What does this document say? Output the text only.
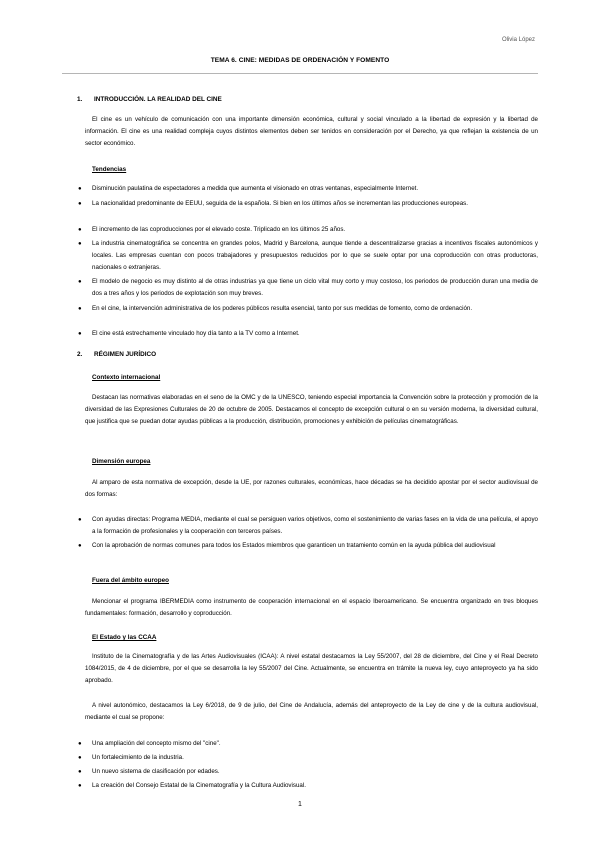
Olivia López
TEMA 6. CINE: MEDIDAS DE ORDENACIÓN Y FOMENTO
1. INTRODUCCIÓN. LA REALIDAD DEL CINE
El cine es un vehículo de comunicación con una importante dimensión económica, cultural y social vinculado a la libertad de expresión y la libertad de información. El cine es una realidad compleja cuyos distintos elementos deben ser tenidos en consideración por el Derecho, ya que reflejan la existencia de un sector económico.
Tendencias
● Disminución paulatina de espectadores a medida que aumenta el visionado en otras ventanas, especialmente Internet.
● La nacionalidad predominante de EEUU, seguida de la española. Si bien en los últimos años se incrementan las producciones europeas.
● El incremento de las coproducciones por el elevado coste. Triplicado en los últimos 25 años.
● La industria cinematográfica se concentra en grandes polos, Madrid y Barcelona, aunque tiende a descentralizarse gracias a incentivos fiscales autonómicos y locales. Las empresas cuentan con pocos trabajadores y presupuestos reducidos por lo que se suele optar por una coproducción con otras productoras, nacionales o extranjeras.
● El modelo de negocio es muy distinto al de otras industrias ya que tiene un ciclo vital muy corto y muy costoso, los periodos de producción duran una media de dos a tres años y los periodos de explotación son muy breves.
● En el cine, la intervención administrativa de los poderes públicos resulta esencial, tanto por sus medidas de fomento, como de ordenación.
● El cine está estrechamente vinculado hoy día tanto a la TV como a Internet.
2. RÉGIMEN JURÍDICO
Contexto internacional
Destacan las normativas elaboradas en el seno de la OMC y de la UNESCO, teniendo especial importancia la Convención sobre la protección y promoción de la diversidad de las Expresiones Culturales de 20 de octubre de 2005. Destacamos el concepto de excepción cultural o en su versión moderna, la diversidad cultural, que justifica que se puedan dotar ayudas públicas a la producción, distribución, promociones y exhibición de películas cinematográficas.
Dimensión europea
Al amparo de esta normativa de excepción, desde la UE, por razones culturales, económicas, hace décadas se ha decidido apostar por el sector audiovisual de dos formas:
● Con ayudas directas: Programa MEDIA, mediante el cual se persiguen varios objetivos, como el sostenimiento de varias fases en la vida de una película, el apoyo a la formación de profesionales y la cooperación con terceros países.
● Con la aprobación de normas comunes para todos los Estados miembros que garanticen un tratamiento común en la ayuda pública del audiovisual
Fuera del ámbito europeo
Mencionar el programa IBERMEDIA como instrumento de cooperación internacional en el espacio Iberoamericano. Se encuentra organizado en tres bloques fundamentales: formación, desarrollo y coproducción.
El Estado y las CCAA
Instituto de la Cinematografía y de las Artes Audiovisuales (ICAA): A nivel estatal destacamos la Ley 55/2007, del 28 de diciembre, del Cine y el Real Decreto 1084/2015, de 4 de diciembre, por el que se desarrolla la ley 55/2007 del Cine. Actualmente, se encuentra en trámite la nueva ley, cuyo anteproyecto ya ha sido aprobado.
A nivel autonómico, destacamos la Ley 6/2018, de 9 de julio, del Cine de Andalucía, además del anteproyecto de la Ley de cine y de la cultura audiovisual, mediante el cual se propone:
● Una ampliación del concepto mismo del "cine".
● Un fortalecimiento de la industria.
● Un nuevo sistema de clasificación por edades.
● La creación del Consejo Estatal de la Cinematografía y la Cultura Audiovisual.
1
